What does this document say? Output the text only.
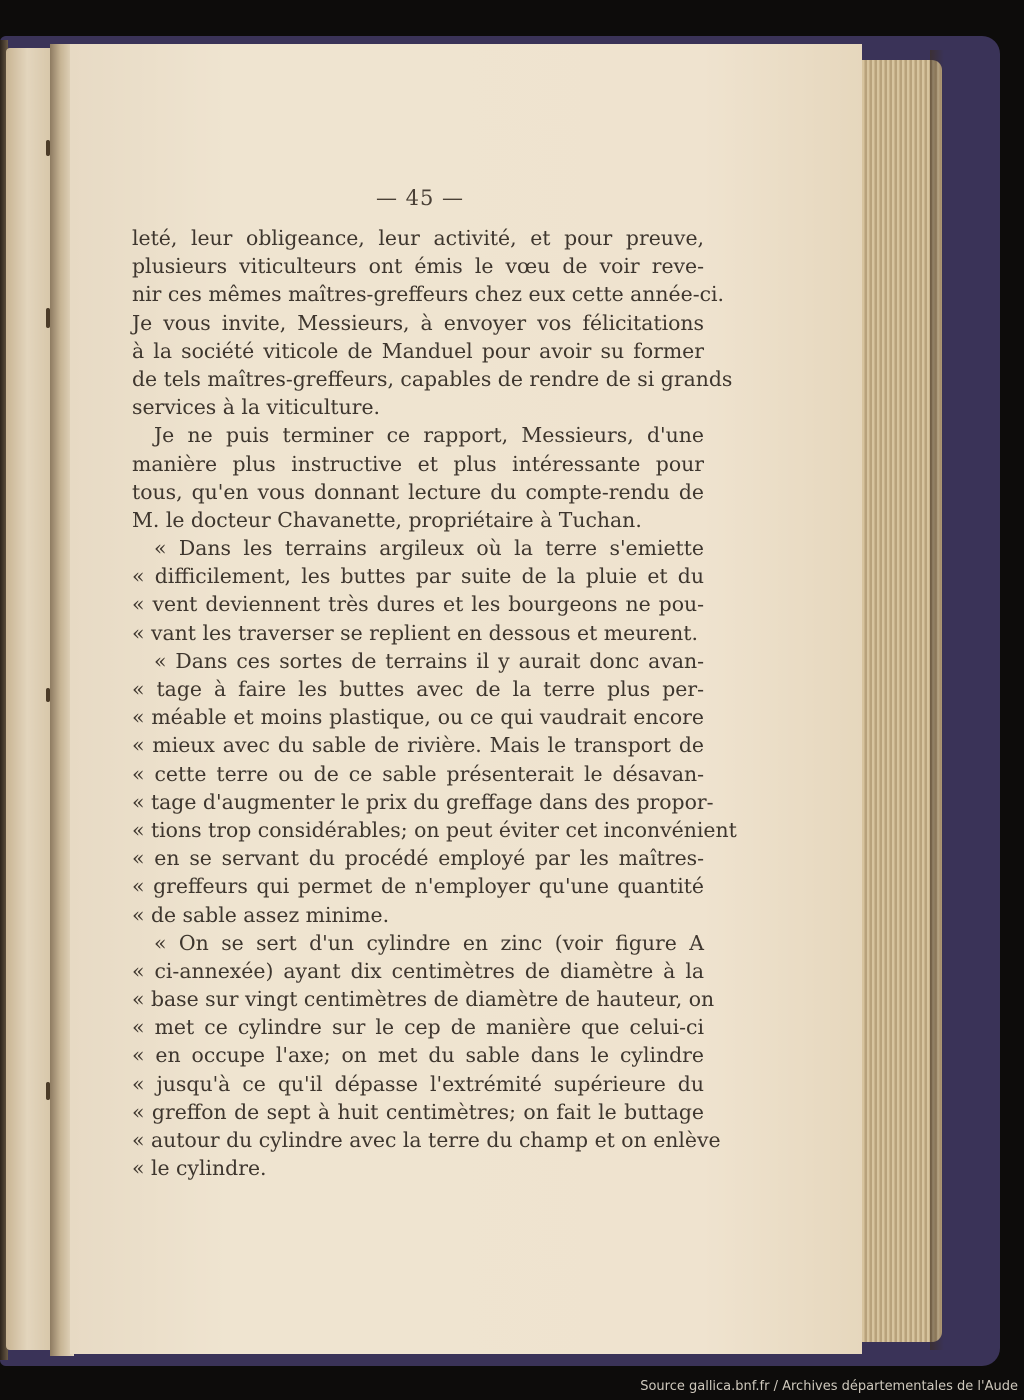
— 45 —
leté, leur obligeance, leur activité, et pour preuve,
plusieurs viticulteurs ont émis le vœu de voir reve-
nir ces mêmes maîtres-greffeurs chez eux cette année-ci.
Je vous invite, Messieurs, à envoyer vos félicitations
à la société viticole de Manduel pour avoir su former
de tels maîtres-greffeurs, capables de rendre de si grands
services à la viticulture.
Je ne puis terminer ce rapport, Messieurs, d'une
manière plus instructive et plus intéressante pour
tous, qu'en vous donnant lecture du compte-rendu de
M. le docteur Chavanette, propriétaire à Tuchan.
« Dans les terrains argileux où la terre s'emiette
« difficilement, les buttes par suite de la pluie et du
« vent deviennent très dures et les bourgeons ne pou-
« vant les traverser se replient en dessous et meurent.
« Dans ces sortes de terrains il y aurait donc avan-
« tage à faire les buttes avec de la terre plus per-
« méable et moins plastique, ou ce qui vaudrait encore
« mieux avec du sable de rivière. Mais le transport de
« cette terre ou de ce sable présenterait le désavan-
« tage d'augmenter le prix du greffage dans des propor-
« tions trop considérables; on peut éviter cet inconvénient
« en se servant du procédé employé par les maîtres-
« greffeurs qui permet de n'employer qu'une quantité
« de sable assez minime.
« On se sert d'un cylindre en zinc (voir figure A
« ci-annexée) ayant dix centimètres de diamètre à la
« base sur vingt centimètres de diamètre de hauteur, on
« met ce cylindre sur le cep de manière que celui-ci
« en occupe l'axe; on met du sable dans le cylindre
« jusqu'à ce qu'il dépasse l'extrémité supérieure du
« greffon de sept à huit centimètres; on fait le buttage
« autour du cylindre avec la terre du champ et on enlève
« le cylindre.
Source gallica.bnf.fr / Archives départementales de l'Aude
